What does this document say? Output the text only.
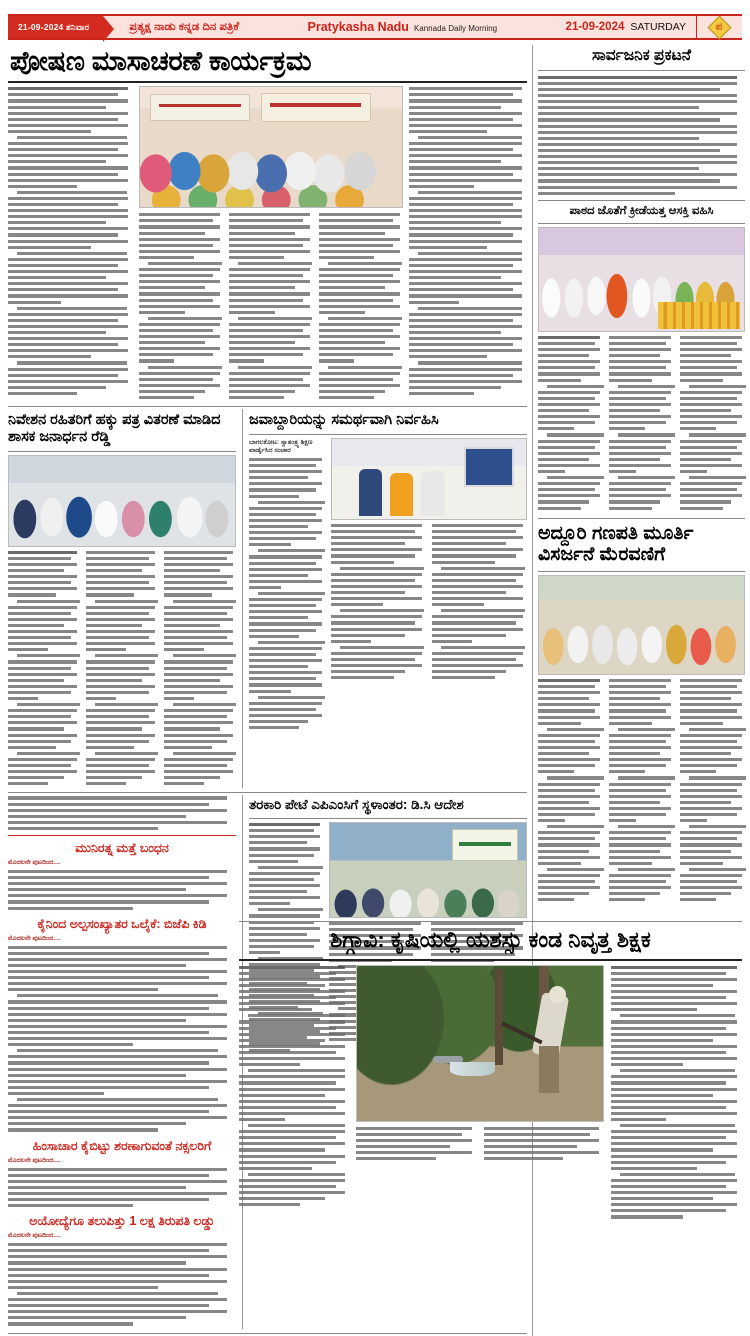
21-09-2024 ಶನಿವಾರ	ಪ್ರತ್ಯಕ್ಷ ನಾಡು ಕನ್ನಡ ದಿನ ಪತ್ರಿಕೆ	Pratykasha Nadu Kannada Daily Morning	21-09-2024 SATURDAY	ಪ
ಪೋಷಣ ಮಾಸಾಚರಣೆ ಕಾರ್ಯಕ್ರಮ
ನಿವೇಶನ ರಹಿತರಿಗೆ ಹಕ್ಕು ಪತ್ರ ವಿತರಣೆ ಮಾಡಿದ ಶಾಸಕ ಜನಾರ್ಧನ ರೆಡ್ಡಿ
ಜವಾಬ್ದಾರಿಯನ್ನು ಸಮರ್ಥವಾಗಿ ನಿರ್ವಹಿಸಿ
ಬಾಗಲಕೋಟ: ಸ್ವಾತಂತ್ರ್ಯ ಶಿಕ್ಷಣ ಖಾರ್ಡೈಸಿದ ಸಂಚಾರ
ಮುನಿರತ್ನ ಮತ್ತೆ ಬಂಧನ
ಮೊದಲನೇ ಪುಟದಿಂದ....
ಕೈನಿಂದ ಅಲ್ಪಸಂಖ್ಯಾತರ ಒಲೈಕೆ: ಬಿಜೆಪಿ ಕಿಡಿ
ಮೊದಲನೇ ಪುಟದಿಂದ....
ಹಿಂಸಾಚಾರ ಕೈಬಿಟ್ಟು ಶರಣಾಗುವಂತೆ ನಕ್ಸಲರಿಗೆ
ಮೊದಲನೇ ಪುಟದಿಂದ....
ಅಯೋದ್ಯೆಗೂ ತಲುಪಿತ್ತು 1 ಲಕ್ಷ ತಿರುಪತಿ ಲಡ್ಡು
ಮೊದಲನೇ ಪುಟದಿಂದ....
ತರಕಾರಿ ಪೇಟೆ ಎಪಿಎಂಸಿಗೆ ಸ್ಥಳಾಂತರ: ಡಿ.ಸಿ ಆದೇಶ
ಸಾರ್ವಜನಿಕ ಪ್ರಕಟನೆ
ಪಾಠದ ಜೊತೆಗೆ ಕ್ರೀಡೆಯತ್ತ ಆಸಕ್ತಿ ವಹಿಸಿ
ಅದ್ದೂರಿ ಗಣಪತಿ ಮೂರ್ತಿ ವಿಸರ್ಜನೆ ಮೆರವಣಿಗೆ
ಶಿಗ್ಗಾವಿ: ಕೃಷಿಯಲ್ಲಿ ಯಶಸ್ಸು ಕಂಡ ನಿವೃತ್ತ ಶಿಕ್ಷಕ
